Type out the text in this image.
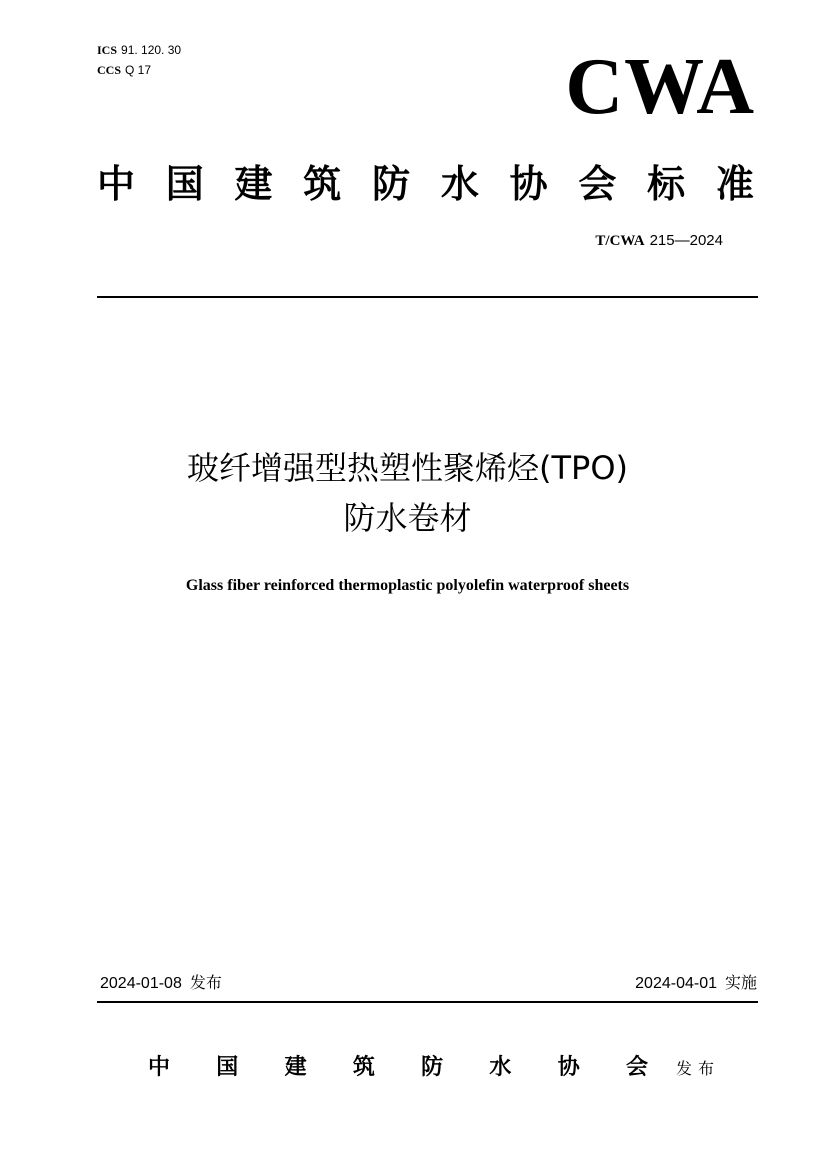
ICS 91. 120. 30
CCS Q 17	CWA
中 国 建 筑 防 水 协 会 标 准
T/CWA 215—2024
玻纤增强型热塑性聚烯烃(TPO)
防水卷材
Glass fiber reinforced thermoplastic polyolefin waterproof sheets
2024-01-08 发布	2024-04-01 实施
中 国 建 筑 防 水 协 会 发布
